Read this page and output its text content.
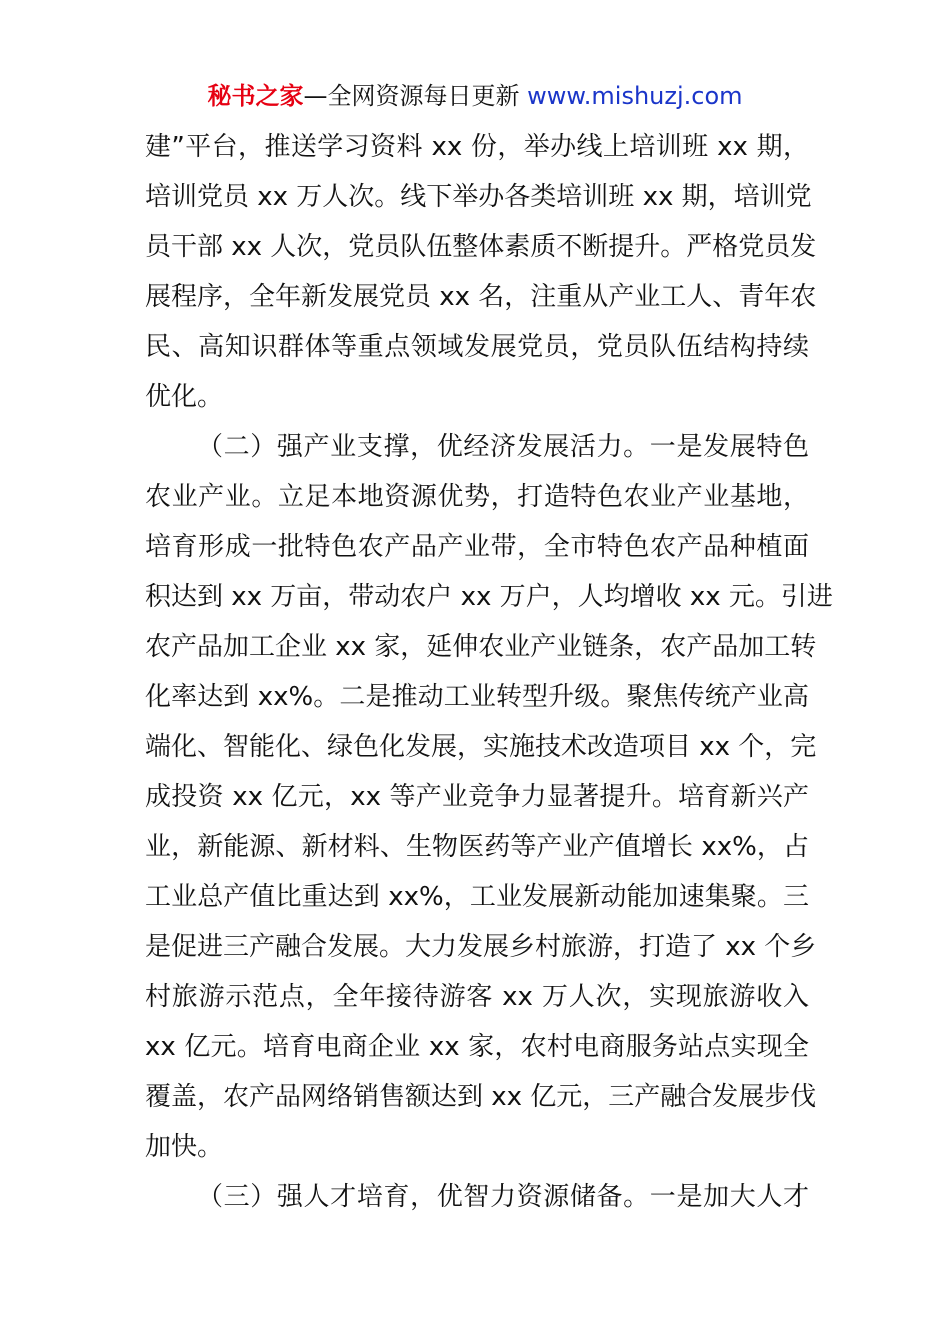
秘书之家—全网资源每日更新 www.mishuzj.com
建”平台，推送学习资料 xx 份，举办线上培训班 xx 期，
培训党员 xx 万人次。线下举办各类培训班 xx 期，培训党
员干部 xx 人次，党员队伍整体素质不断提升。严格党员发
展程序，全年新发展党员 xx 名，注重从产业工人、青年农
民、高知识群体等重点领域发展党员，党员队伍结构持续
优化。
（二）强产业支撑，优经济发展活力。一是发展特色
农业产业。立足本地资源优势，打造特色农业产业基地，
培育形成一批特色农产品产业带，全市特色农产品种植面
积达到 xx 万亩，带动农户 xx 万户，人均增收 xx 元。引进
农产品加工企业 xx 家，延伸农业产业链条，农产品加工转
化率达到 xx%。二是推动工业转型升级。聚焦传统产业高
端化、智能化、绿色化发展，实施技术改造项目 xx 个，完
成投资 xx 亿元，xx 等产业竞争力显著提升。培育新兴产
业，新能源、新材料、生物医药等产业产值增长 xx%，占
工业总产值比重达到 xx%，工业发展新动能加速集聚。三
是促进三产融合发展。大力发展乡村旅游，打造了 xx 个乡
村旅游示范点，全年接待游客 xx 万人次，实现旅游收入
xx 亿元。培育电商企业 xx 家，农村电商服务站点实现全
覆盖，农产品网络销售额达到 xx 亿元，三产融合发展步伐
加快。
（三）强人才培育，优智力资源储备。一是加大人才
